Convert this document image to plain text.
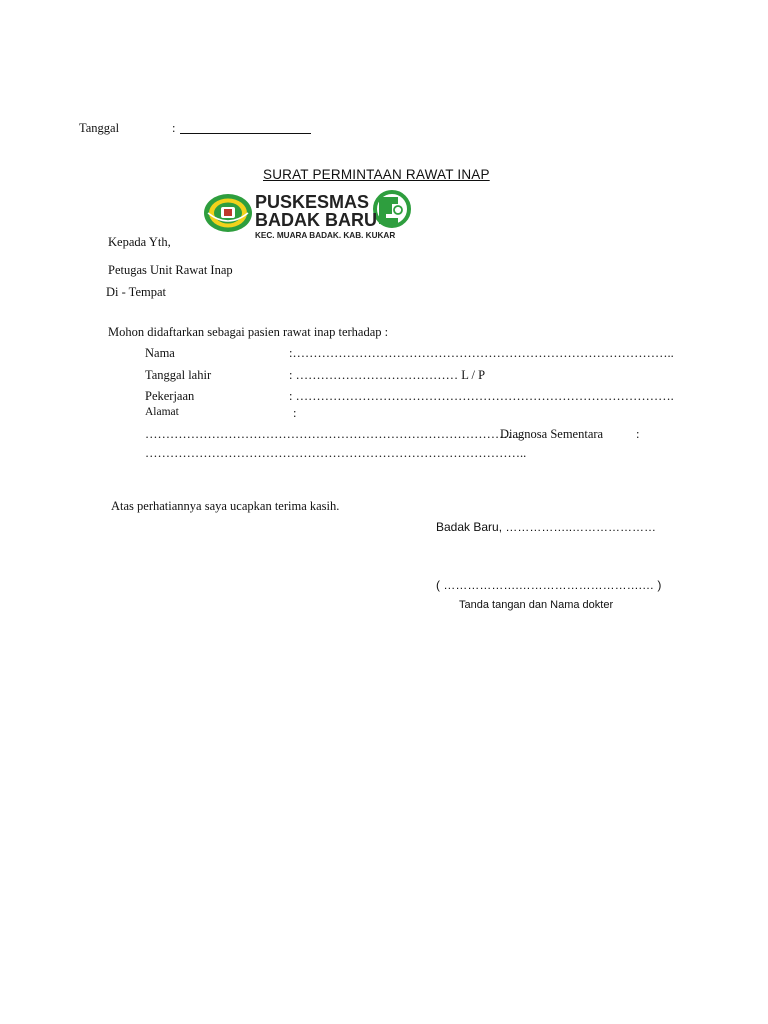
Tanggal	:
SURAT PERMINTAAN RAWAT INAP
PUSKESMAS
BADAK BARU
KEC. MUARA BADAK. KAB. KUKAR
Kepada Yth,
Petugas Unit Rawat Inap
Di - Tempat
Mohon didaftarkan sebagai pasien rawat inap terhadap :
Nama	:………………………………………………………………………………..
Tanggal lahir	: ………………………………… L / P
Pekerjaan	: ……………………………………………………………………………….
Alamat	:
……………………………………………………………………………….
Diagnosa Sementara	:
………………………………………………………………………………..
Atas perhatiannya saya ucapkan terima kasih.
Badak Baru, ……………..…………………
( ……………….………………………….… )
Tanda tangan dan Nama dokter
